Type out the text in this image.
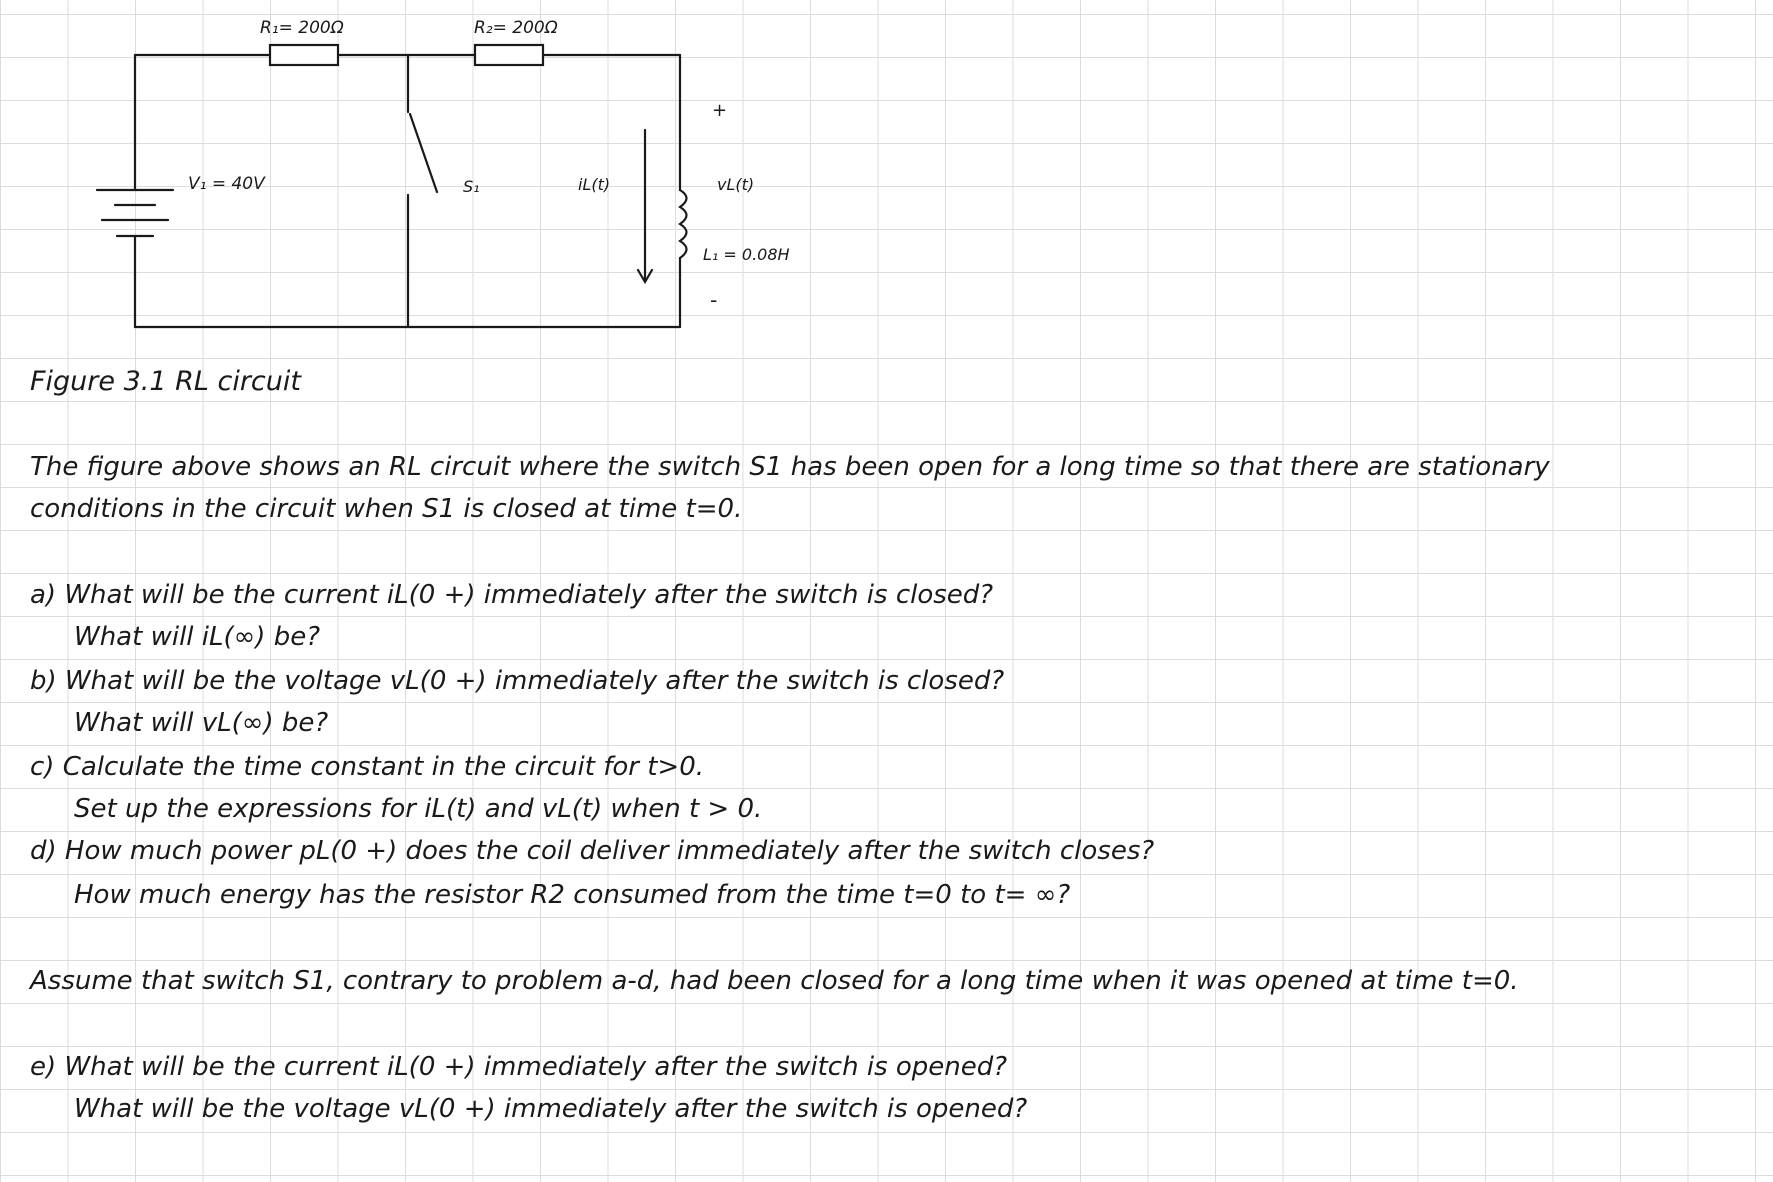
R₁= 200Ω	R₂= 200Ω
V₁ = 40V	S₁	iL(t)	vL(t)
L₁ = 0.08H
+
-

Figure 3.1 RL circuit

The figure above shows an RL circuit where the switch S1 has been open for a long time so that there are stationary

conditions in the circuit when S1 is closed at time t=0.

a) What will be the current iL(0 +) immediately after the switch is closed?

What will iL(∞) be?

b) What will be the voltage vL(0 +) immediately after the switch is closed?

What will vL(∞) be?

c) Calculate the time constant in the circuit for t>0.

Set up the expressions for iL(t) and vL(t) when t > 0.

d) How much power pL(0 +) does the coil deliver immediately after the switch closes?

How much energy has the resistor R2 consumed from the time t=0 to t= ∞?

Assume that switch S1, contrary to problem a-d, had been closed for a long time when it was opened at time t=0.

e) What will be the current iL(0 +) immediately after the switch is opened?

What will be the voltage vL(0 +) immediately after the switch is opened?
